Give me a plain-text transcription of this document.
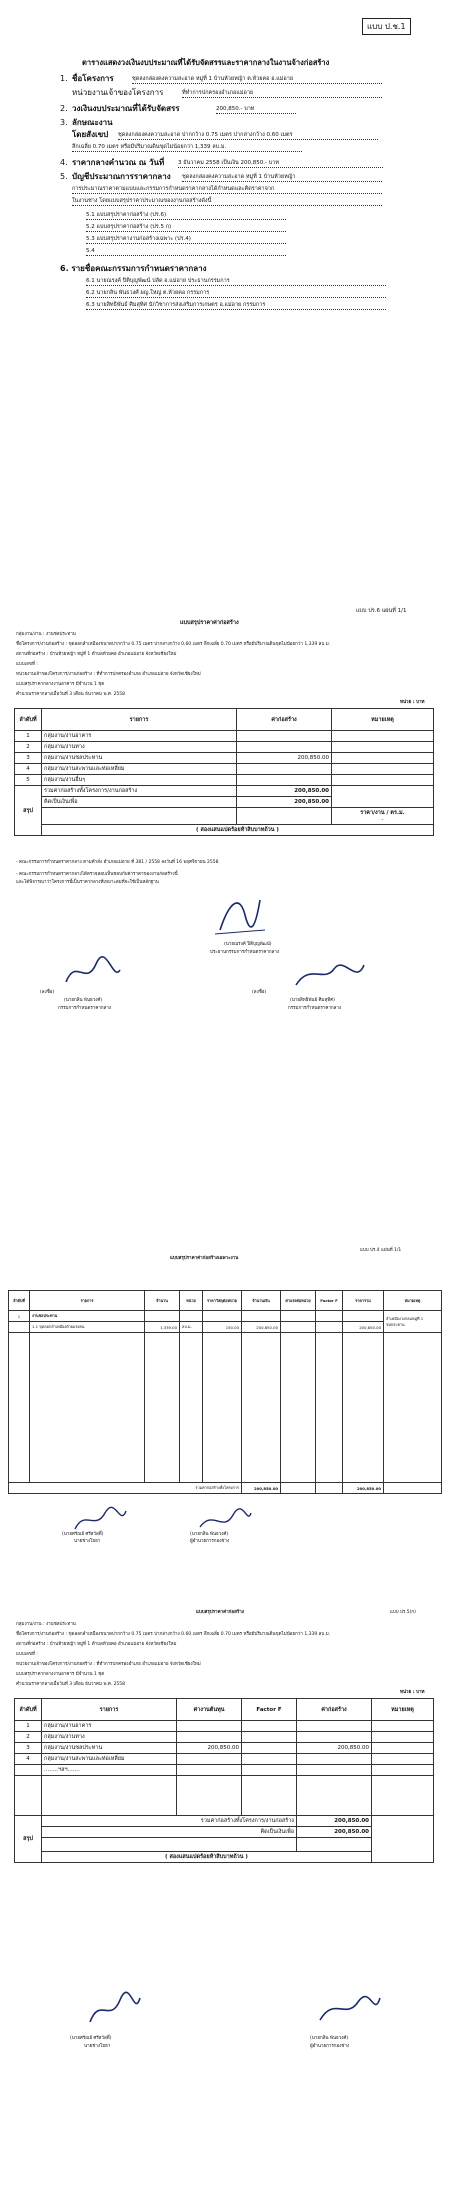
แบบ ป.ช.1
ตารางแสดงวงเงินงบประมาณที่ได้รับจัดสรรและราคากลางในงานจ้างก่อสร้าง
1. ชื่อโครงการ	ชุดลงกล่องคงความสะอาด หมู่ที่ 1 บ้านห้วยหญ้า ต.ห้วยคอ อ.แม่อาย
หน่วยงานเจ้าของโครงการ	ที่ทำการปกครองอำเภอแม่อาย
2. วงเงินงบประมาณที่ได้รับจัดสรร	200,850.- บาท
3. ลักษณะงาน
โดยสังเขป ชุดลงกล่องคงความสะอาด ปากกว้าง 0.75 เมตร ปากล่างกว้าง 0.60 เมตร
ลึกเฉลี่ย 0.70 เมตร หรือมีปริมาณดินขุดไม่น้อยกว่า 1,339 ลบ.ม.
4. ราคากลางคำนวณ ณ วันที่	3 ธันวาคม 2558 เป็นเงิน 200,850.- บาท
5. บัญชีประมาณการราคากลาง ชุดลงกล่องคงความสะอาด หมู่ที่ 1 บ้านห้วยหญ้า
การประมาณราคาตามแบบและกรรมการกำหนดราคากลางได้กำหนดและคิดราคาจาก
ในงานช่าง โดยแบบสรุปราคาประมาณของงานก่อสร้างดังนี้
5.1 แบบสรุปราคาก่อสร้าง (ปร.6)
5.2 แบบสรุปราคาก่อสร้าง (ปร.5 ก)
5.3 แบบสรุปราคางานก่อสร้างเฉพาะ (ปร.4)
5.4
6. รายชื่อคณะกรรมการกำหนดราคากลาง
6.1 นายณรงค์ ปิติบุญพัฒน์ ปลัด อ.แม่อาย ประธานกรรมการ
6.2 นายกลิน พันธวงศ์ ผญ.ใหญ่ ต.ห้วยคอ กรรมการ
6.3 นายสิทธิพันธ์ ศิมสุทิศ นักวิชาการส่งเสริมการเกษตร อ.แม่อาย กรรมการ
แบบ ปร.6 แผ่นที่ 1/1
แบบสรุปราคาค่าก่อสร้าง
กลุ่มงาน/งาน : งานชลประทาน
ชื่อโครงการ/งานก่อสร้าง : ขุดลอกลำเหมืองขนาดปากกว้าง 0.75 เมตร ปากล่างกว้าง 0.60 เมตร ลึกเฉลี่ย 0.70 เมตร หรือมีปริมาณดินขุดไม่น้อยกว่า 1,339 ลบ.ม.
สถานที่ก่อสร้าง : บ้านห้วยหญ้า หมู่ที่ 1 ตำบลห้วยคอ อำเภอแม่อาย จังหวัดเชียงใหม่
แบบเลขที่ :
หน่วยงานเจ้าของโครงการ/งานก่อสร้าง : ที่ทำการปกครองอำเภอ อำเภอแม่อาย จังหวัดเชียงใหม่
แบบสรุปราคากลางงานอาคาร มีจำนวน 1 ชุด
คำนวณราคากลางเมื่อวันที่ 3 เดือน ธันวาคม พ.ศ. 2558
หน่วย : บาท
ลำดับที่	รายการ	ค่าก่อสร้าง	หมายเหตุ
1	กลุ่มงาน/งานอาคาร		
2	กลุ่มงาน/งานทาง		
3	กลุ่มงาน/งานชลประทาน	200,850.00	
4	กลุ่มงาน/งานสะพานและท่อเหลี่ยม		
5	กลุ่มงาน/งานอื่นๆ		
สรุป	รวมค่าก่อสร้างทั้งโครงการ/งานก่อสร้าง	200,850.00	
	คิดเป็นเงินเพื่อ	200,850.00	
			ราคา/งาน / ตร.ม.
-
	( สองแสนแปดร้อยห้าสิบบาทถ้วน )		
- คณะกรรมการกำหนดราคากลาง ตามคำสั่ง อำเภอแม่อาย ที่ 381 / 2558 ลงวันที่ 16 พฤศจิกายน 2558
- คณะกรรมการกำหนดราคากลางได้ตรวจสอบเห็นชอบกับค่าราคาของงานก่อสร้างนี้
และได้พิจารณาว่าโครงการนี้เป็นราคากลางที่เหมาะสมที่จะใช้เป็นหลักฐาน
(นายณรงค์ ปิติบุญพัฒน์)
ประธานกรรมการกำหนดราคากลาง
(ลงชื่อ)
(นายกลิน พันธวงศ์)
กรรมการกำหนดราคากลาง
(ลงชื่อ)
(นายสิทธิพันธ์ ศิมสุทิศ)
กรรมการกำหนดราคากลาง
แบบ ปร.4 แผ่นที่ 1/1
แบบสรุปราคาค่าก่อสร้างเฉพาะงาน
ลำดับที่	รายการ	จำนวน	หน่วย	ราคาวัสดุต่อหน่วย	จำนวนเงิน	ค่าแรงต่อหน่วย	Factor F	ราคารวม	หมายเหตุ
1	งานชลประทาน								ลำเหมืองวงกลมหมู่ที่ 1 ชลประทาน
	1.1 ขุดลอกลำเหมืองด้วยแรงคน	1,339.00	ลบ.ม.	150.00	200,850.00			200,850.00	

รวมค่าก่อสร้างทั้งโครงการ					200,850.00			200,850.00	
(นายศรัณย์ ศรีสวัสดิ์)
นายช่างโยธา
(นายกลิน พันธวงศ์)
ผู้อำนวยการกองช่าง
แบบสรุปราคาค่าก่อสร้าง	แบบ ปร.5(ก)
กลุ่มงาน/งาน : งานชลประทาน
ชื่อโครงการ/งานก่อสร้าง : ขุดลอกลำเหมืองขนาดปากกว้าง 0.75 เมตร ปากล่างกว้าง 0.60 เมตร ลึกเฉลี่ย 0.70 เมตร หรือมีปริมาณดินขุดไม่น้อยกว่า 1,339 ลบ.ม.
สถานที่ก่อสร้าง : บ้านห้วยหญ้า หมู่ที่ 1 ตำบลห้วยคอ อำเภอแม่อาย จังหวัดเชียงใหม่
แบบเลขที่ :
หน่วยงานเจ้าของโครงการ/งานก่อสร้าง : ที่ทำการปกครองอำเภอ อำเภอแม่อาย จังหวัดเชียงใหม่
แบบสรุปราคากลางงานอาคาร มีจำนวน 1 ชุด
คำนวณราคากลางเมื่อวันที่ 3 เดือน ธันวาคม พ.ศ. 2558
หน่วย : บาท
ลำดับที่	รายการ	ค่างานต้นทุน	Factor F	ค่าก่อสร้าง	หมายเหตุ
1	กลุ่มงาน/งานอาคาร				
2	กลุ่มงาน/งานทาง				
3	กลุ่มงาน/งานชลประทาน	200,850.00		200,850.00	
4	กลุ่มงาน/งานสะพานและท่อเหลี่ยม				
	........ฯลฯ.......				

สรุป	รวมค่าก่อสร้างทั้งโครงการ/งานก่อสร้าง			200,850.00	
	คิดเป็นเงินเพื่อ			200,850.00	

	( สองแสนแปดร้อยห้าสิบบาทถ้วน )				
(นายศรัณย์ ศรีสวัสดิ์)
นายช่างโยธา
(นายกลิน พันธวงศ์)
ผู้อำนวยการกองช่าง
